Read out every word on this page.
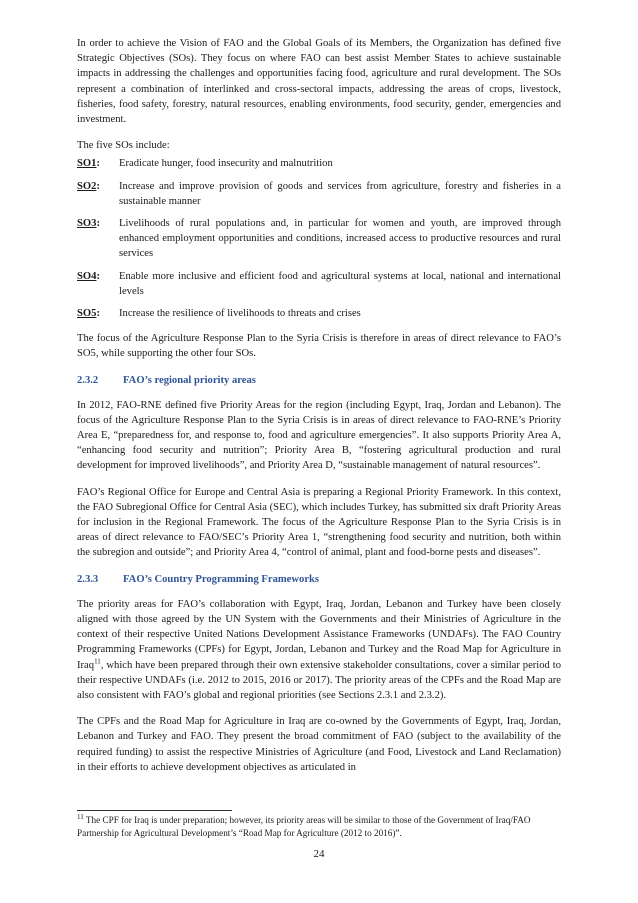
In order to achieve the Vision of FAO and the Global Goals of its Members, the Organization has defined five Strategic Objectives (SOs). They focus on where FAO can best assist Member States to achieve sustainable impacts in addressing the challenges and opportunities facing food, agriculture and rural development. The SOs represent a combination of interlinked and cross-sectoral impacts, addressing the areas of crops, livestock, fisheries, food safety, forestry, natural resources, enabling environments, food security, gender, emergencies and investment.

The five SOs include:

SO1:	Eradicate hunger, food insecurity and malnutrition
SO2:	Increase and improve provision of goods and services from agriculture, forestry and fisheries in a sustainable manner
SO3:	Livelihoods of rural populations and, in particular for women and youth, are improved through enhanced employment opportunities and conditions, increased access to productive resources and rural services
SO4:	Enable more inclusive and efficient food and agricultural systems at local, national and international levels
SO5:	Increase the resilience of livelihoods to threats and crises

The focus of the Agriculture Response Plan to the Syria Crisis is therefore in areas of direct relevance to FAO’s SO5, while supporting the other four SOs.

2.3.2	FAO’s regional priority areas

In 2012, FAO-RNE defined five Priority Areas for the region (including Egypt, Iraq, Jordan and Lebanon). The focus of the Agriculture Response Plan to the Syria Crisis is in areas of direct relevance to FAO-RNE’s Priority Area E, “preparedness for, and response to, food and agriculture emergencies”. It also supports Priority Area A, “enhancing food security and nutrition”; Priority Area B, “fostering agricultural production and rural development for improved livelihoods”, and Priority Area D, “sustainable management of natural resources”.

FAO’s Regional Office for Europe and Central Asia is preparing a Regional Priority Framework. In this context, the FAO Subregional Office for Central Asia (SEC), which includes Turkey, has submitted six draft Priority Areas for inclusion in the Regional Framework. The focus of the Agriculture Response Plan to the Syria Crisis is in areas of direct relevance to FAO/SEC’s Priority Area 1, “strengthening food security and nutrition, both within the subregion and outside”; and Priority Area 4, “control of animal, plant and food-borne pests and diseases”.

2.3.3	FAO’s Country Programming Frameworks

The priority areas for FAO’s collaboration with Egypt, Iraq, Jordan, Lebanon and Turkey have been closely aligned with those agreed by the UN System with the Governments and their Ministries of Agriculture in the context of their respective United Nations Development Assistance Frameworks (UNDAFs). The FAO Country Programming Frameworks (CPFs) for Egypt, Jordan, Lebanon and Turkey and the Road Map for Agriculture in Iraq$^{11}$, which have been prepared through their own extensive stakeholder consultations, cover a similar period to their respective UNDAFs (i.e. 2012 to 2015, 2016 or 2017). The priority areas of the CPFs and the Road Map are also consistent with FAO’s global and regional priorities (see Sections 2.3.1 and 2.3.2).

The CPFs and the Road Map for Agriculture in Iraq are co-owned by the Governments of Egypt, Iraq, Jordan, Lebanon and Turkey and FAO. They present the broad commitment of FAO (subject to the availability of the required funding) to assist the respective Ministries of Agriculture (and Food, Livestock and Land Reclamation) in their efforts to achieve development objectives as articulated in

$^{11}$ The CPF for Iraq is under preparation; however, its priority areas will be similar to those of the Government of Iraq/FAO Partnership for Agricultural Development’s “Road Map for Agriculture (2012 to 2016)”.

24
